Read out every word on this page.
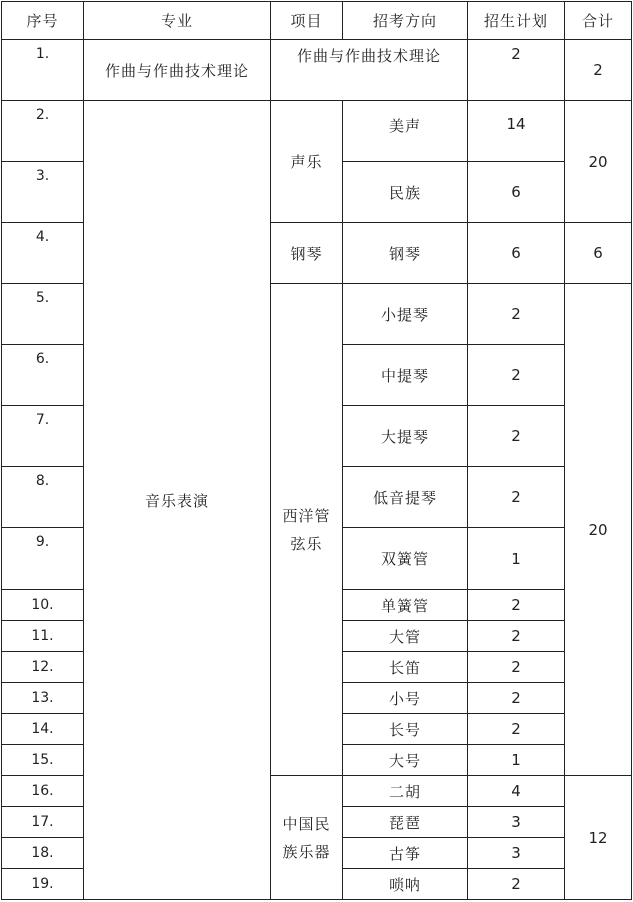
序号	专业	项目	招考方向	招生计划	合计
1.	作曲与作曲技术理论	作曲与作曲技术理论		2	2
2.	音乐表演	声乐	美声	14	20
3.			民族	6	
4.		钢琴	钢琴	6	6
5.		西洋管弦乐	小提琴	2	20
6.			中提琴	2	
7.			大提琴	2	
8.			低音提琴	2	
9.			双簧管	1	
10.			单簧管	2	
11.			大管	2	
12.			长笛	2	
13.			小号	2	
14.			长号	2	
15.			大号	1	
16.		中国民族乐器	二胡	4	12
17.			琵琶	3	
18.			古筝	3	
19.			唢呐	2	
